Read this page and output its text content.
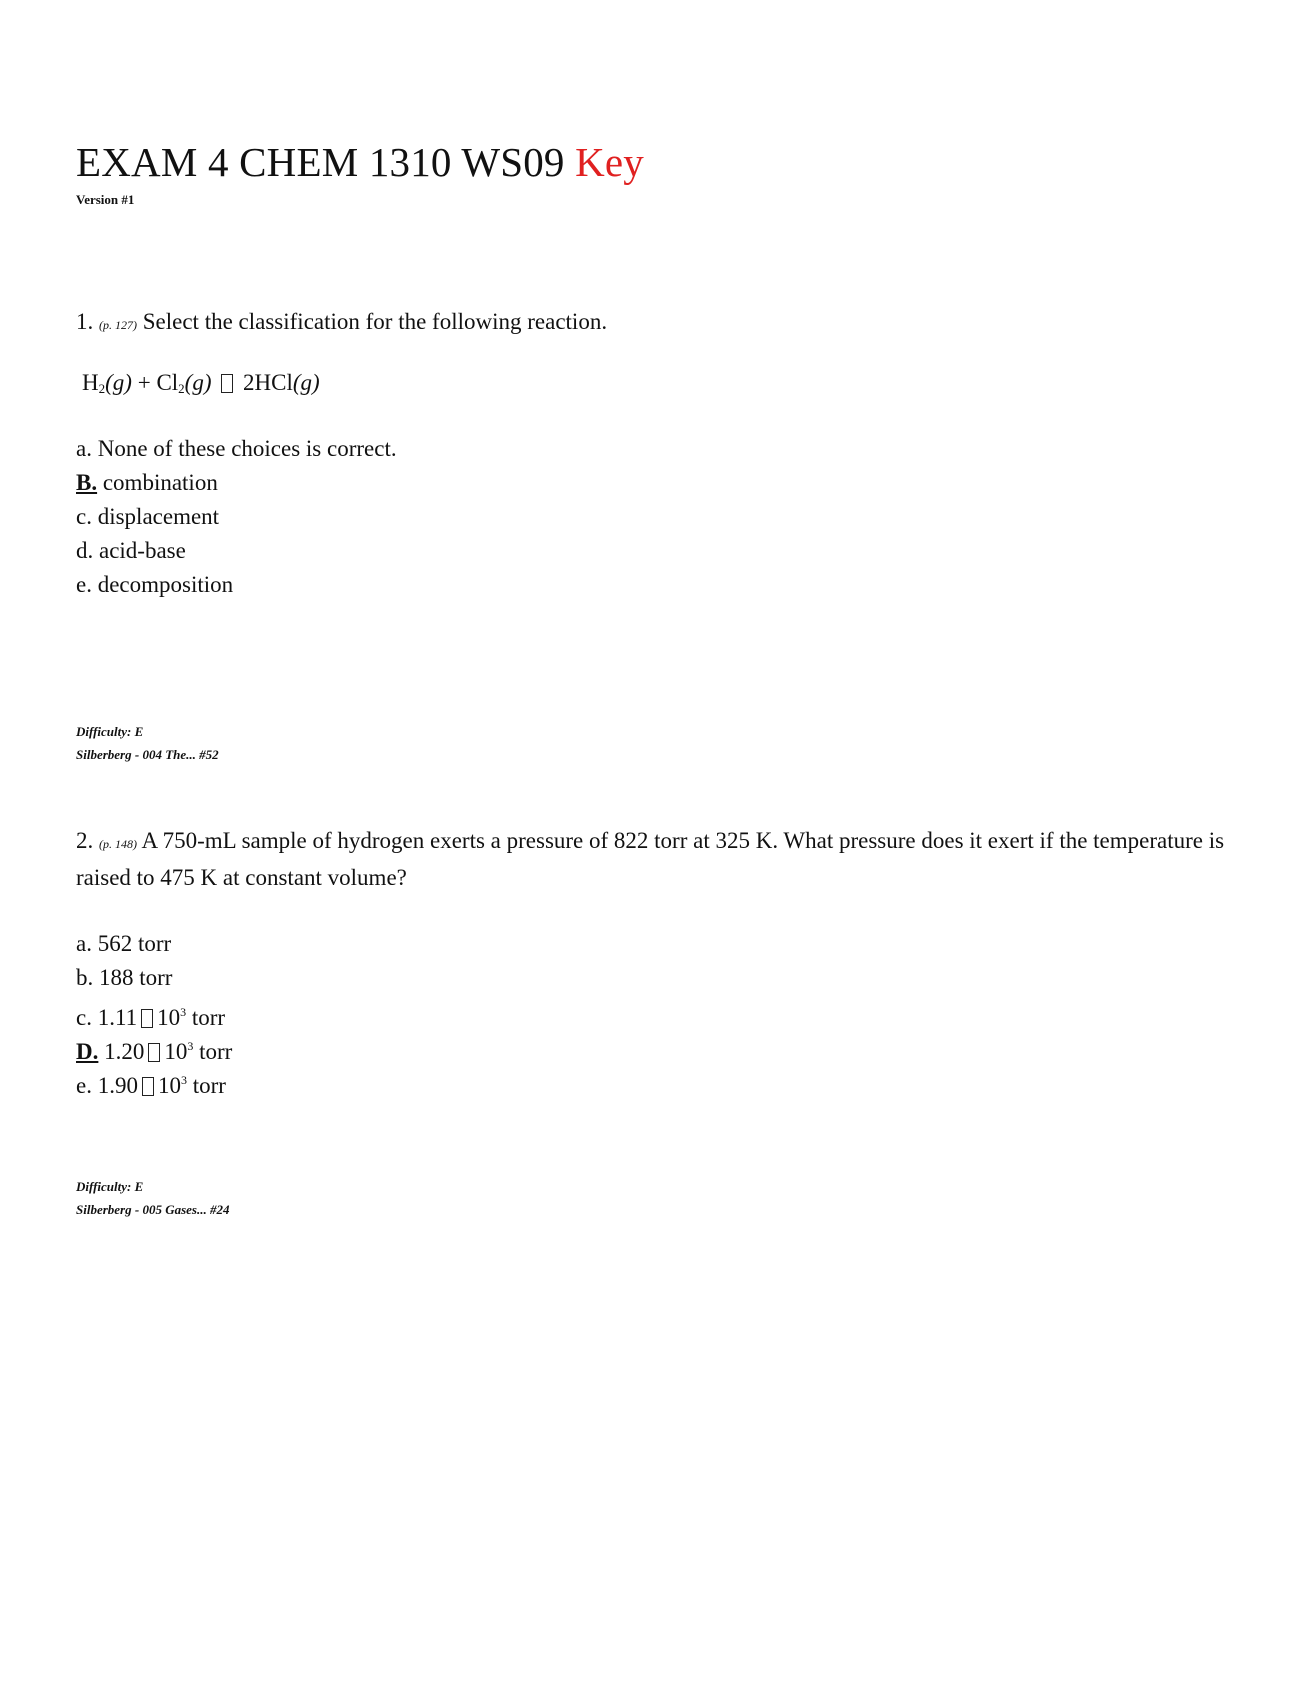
EXAM 4 CHEM 1310 WS09 Key
Version #1
1. (p. 127) Select the classification for the following reaction.
$H_2(g) + Cl_2(g)$ 2HCl(g)
a. None of these choices is correct.
B. combination
c. displacement
d. acid-base
e. decomposition
Difficulty: E
Silberberg - 004 The... #52
2. (p. 148) A 750-mL sample of hydrogen exerts a pressure of 822 torr at 325 K. What pressure does it exert if the temperature is raised to 475 K at constant volume?
a. 562 torr
b. 188 torr
c. 1.11 $10^3$ torr
D. 1.20 $10^3$ torr
e. 1.90 $10^3$ torr
Difficulty: E
Silberberg - 005 Gases... #24
